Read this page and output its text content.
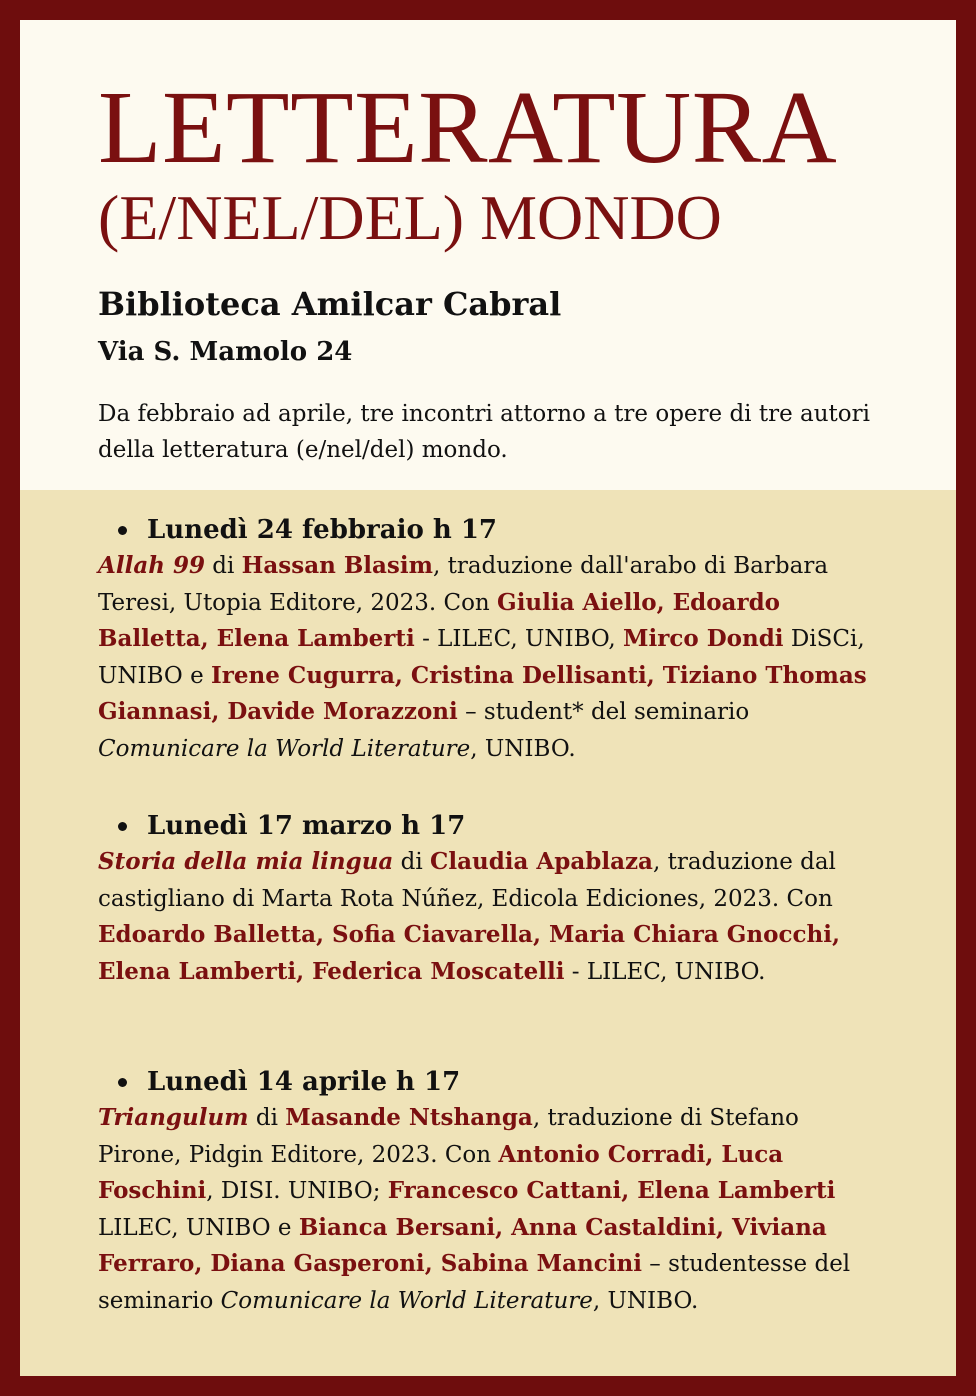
LETTERATURA
(E/NEL/DEL) MONDO
Biblioteca Amilcar Cabral
Via S. Mamolo 24
Da febbraio ad aprile, tre incontri attorno a tre opere di tre autori della letteratura (e/nel/del) mondo.
Lunedì 24 febbraio h 17
Allah 99 di Hassan Blasim, traduzione dall'arabo di Barbara Teresi, Utopia Editore, 2023. Con Giulia Aiello, Edoardo Balletta, Elena Lamberti - LILEC, UNIBO, Mirco Dondi DiSCi, UNIBO e Irene Cugurra, Cristina Dellisanti, Tiziano Thomas Giannasi, Davide Morazzoni – student* del seminario Comunicare la World Literature, UNIBO.
Lunedì 17 marzo h 17
Storia della mia lingua di Claudia Apablaza, traduzione dal castigliano di Marta Rota Núñez, Edicola Ediciones, 2023. Con Edoardo Balletta, Sofia Ciavarella, Maria Chiara Gnocchi, Elena Lamberti, Federica Moscatelli - LILEC, UNIBO.
Lunedì 14 aprile h 17
Triangulum di Masande Ntshanga, traduzione di Stefano Pirone, Pidgin Editore, 2023. Con Antonio Corradi, Luca Foschini, DISI. UNIBO; Francesco Cattani, Elena Lamberti LILEC, UNIBO e Bianca Bersani, Anna Castaldini, Viviana Ferraro, Diana Gasperoni, Sabina Mancini – studentesse del seminario Comunicare la World Literature, UNIBO.
